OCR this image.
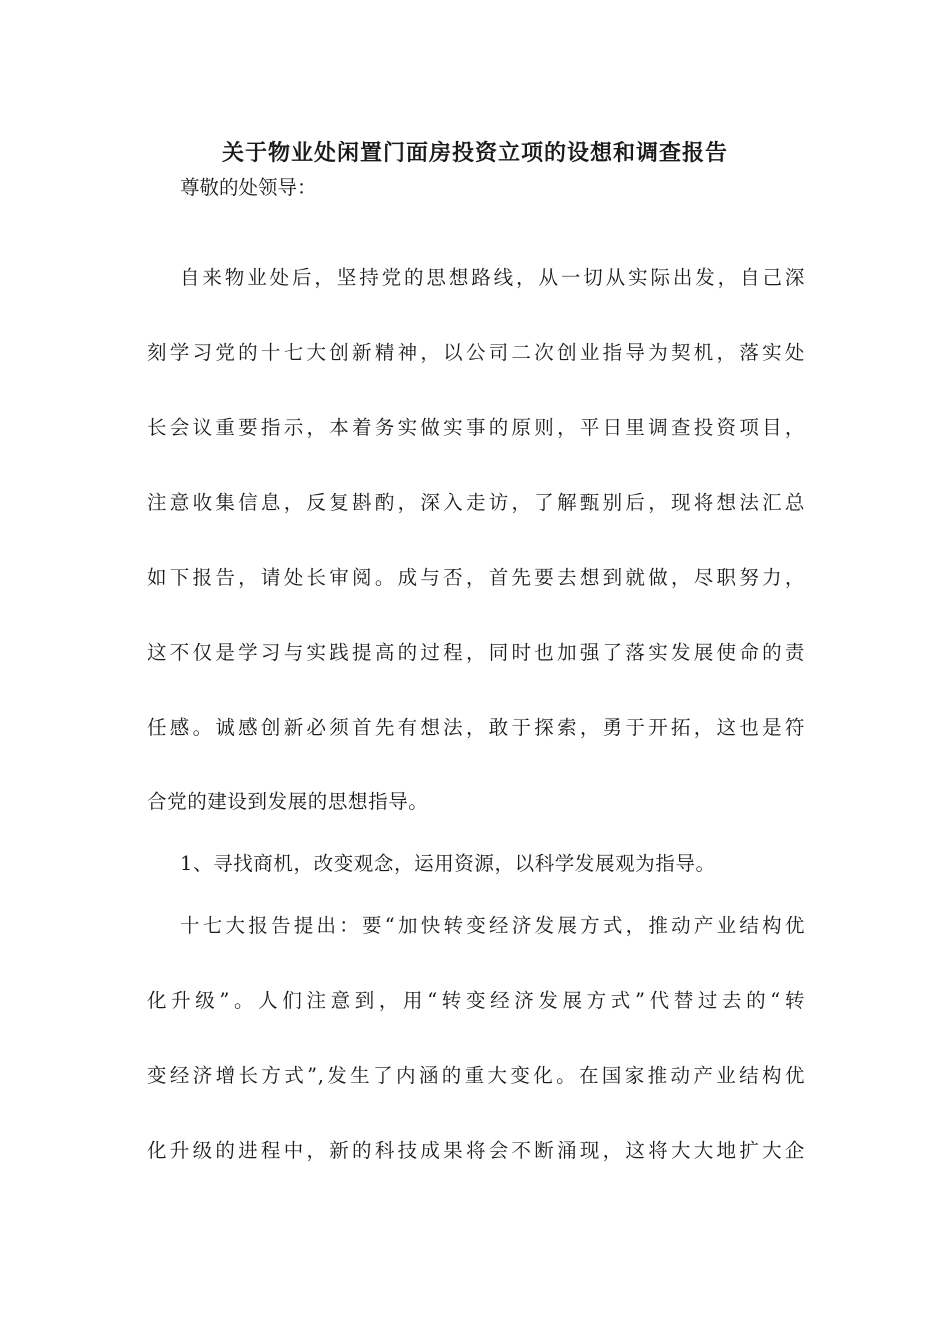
关于物业处闲置门面房投资立项的设想和调查报告
尊敬的处领导：
自来物业处后，坚持党的思想路线，从一切从实际出发，自己深
刻学习党的十七大创新精神，以公司二次创业指导为契机，落实处
长会议重要指示，本着务实做实事的原则，平日里调查投资项目，
注意收集信息，反复斟酌，深入走访，了解甄别后，现将想法汇总
如下报告，请处长审阅。成与否，首先要去想到就做，尽职努力，
这不仅是学习与实践提高的过程，同时也加强了落实发展使命的责
任感。诚感创新必须首先有想法，敢于探索，勇于开拓，这也是符
合党的建设到发展的思想指导。
1、寻找商机，改变观念，运用资源，以科学发展观为指导。
十七大报告提出：要“加快转变经济发展方式，推动产业结构优
化升级”。人们注意到，用“转变经济发展方式”代替过去的“转
变经济增长方式”,发生了内涵的重大变化。在国家推动产业结构优
化升级的进程中，新的科技成果将会不断涌现，这将大大地扩大企
